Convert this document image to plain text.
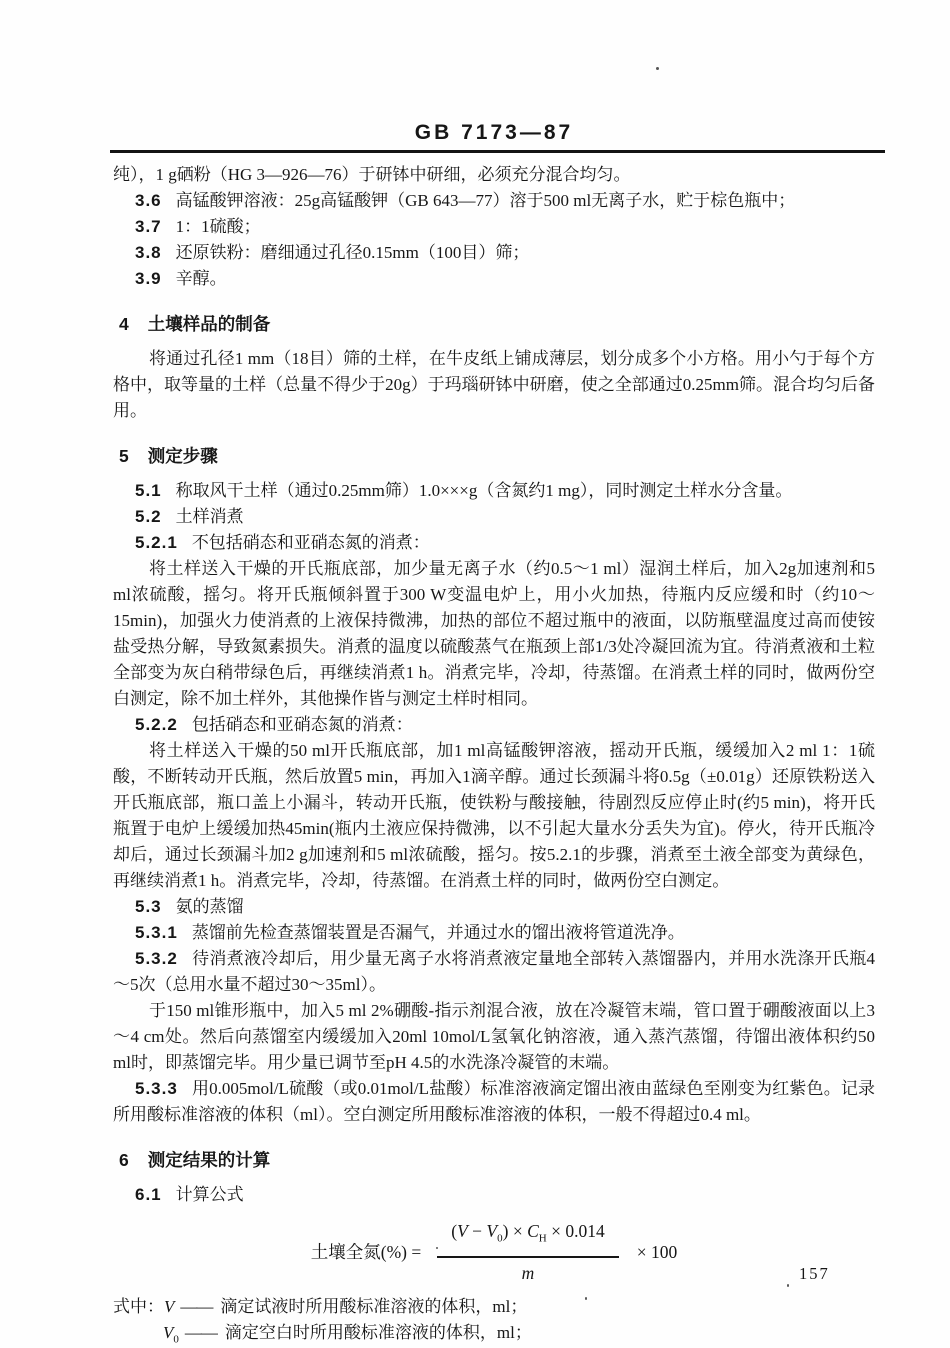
GB 7173—87

纯），1 g硒粉（HG 3—926—76）于研钵中研细，必须充分混合均匀。

3.6 高锰酸钾溶液：25g高锰酸钾（GB 643—77）溶于500 ml无离子水，贮于棕色瓶中；

3.7 1：1硫酸；

3.8 还原铁粉：磨细通过孔径0.15mm（100目）筛；

3.9 辛醇。

4 土壤样品的制备

将通过孔径1 mm（18目）筛的土样，在牛皮纸上铺成薄层，划分成多个小方格。用小勺于每个方格中，取等量的土样（总量不得少于20g）于玛瑙研钵中研磨，使之全部通过0.25mm筛。混合均匀后备用。

5 测定步骤

5.1 称取风干土样（通过0.25mm筛）1.0×××g（含氮约1 mg），同时测定土样水分含量。

5.2 土样消煮

5.2.1 不包括硝态和亚硝态氮的消煮：

将土样送入干燥的开氏瓶底部，加少量无离子水（约0.5～1 ml）湿润土样后，加入2g加速剂和5 ml浓硫酸，摇匀。将开氏瓶倾斜置于300 W变温电炉上，用小火加热，待瓶内反应缓和时（约10～15min)，加强火力使消煮的上液保持微沸，加热的部位不超过瓶中的液面，以防瓶壁温度过高而使铵盐受热分解，导致氮素损失。消煮的温度以硫酸蒸气在瓶颈上部1/3处冷凝回流为宜。待消煮液和土粒全部变为灰白稍带绿色后，再继续消煮1 h。消煮完毕，冷却，待蒸馏。在消煮土样的同时，做两份空白测定，除不加土样外，其他操作皆与测定土样时相同。

5.2.2 包括硝态和亚硝态氮的消煮：

将土样送入干燥的50 ml开氏瓶底部，加1 ml高锰酸钾溶液，摇动开氏瓶，缓缓加入2 ml 1：1硫酸，不断转动开氏瓶，然后放置5 min，再加入1滴辛醇。通过长颈漏斗将0.5g（±0.01g）还原铁粉送入开氏瓶底部，瓶口盖上小漏斗，转动开氏瓶，使铁粉与酸接触，待剧烈反应停止时(约5 min)，将开氏瓶置于电炉上缓缓加热45min(瓶内土液应保持微沸，以不引起大量水分丢失为宜)。停火，待开氏瓶冷却后，通过长颈漏斗加2 g加速剂和5 ml浓硫酸，摇匀。按5.2.1的步骤，消煮至土液全部变为黄绿色，再继续消煮1 h。消煮完毕，冷却，待蒸馏。在消煮土样的同时，做两份空白测定。

5.3 氨的蒸馏

5.3.1 蒸馏前先检查蒸馏装置是否漏气，并通过水的馏出液将管道洗净。

5.3.2 待消煮液冷却后，用少量无离子水将消煮液定量地全部转入蒸馏器内，并用水洗涤开氏瓶4～5次（总用水量不超过30～35ml）。

于150 ml锥形瓶中，加入5 ml 2%硼酸-指示剂混合液，放在冷凝管末端，管口置于硼酸液面以上3～4 cm处。然后向蒸馏室内缓缓加入20ml 10mol/L氢氧化钠溶液，通入蒸汽蒸馏，待馏出液体积约50 ml时，即蒸馏完毕。用少量已调节至pH 4.5的水洗涤冷凝管的末端。

5.3.3 用0.005mol/L硫酸（或0.01mol/L盐酸）标准溶液滴定馏出液由蓝绿色至刚变为红紫色。记录所用酸标准溶液的体积（ml）。空白测定所用酸标准溶液的体积，一般不得超过0.4 ml。

6 测定结果的计算

6.1 计算公式

土壤全氮(%) = $\frac{(V - V_0) \times C_H \times 0.014}{m} \times 100$

式中：V —— 滴定试液时所用酸标准溶液的体积，ml；

$V_0$ —— 滴定空白时所用酸标准溶液的体积，ml；

157
